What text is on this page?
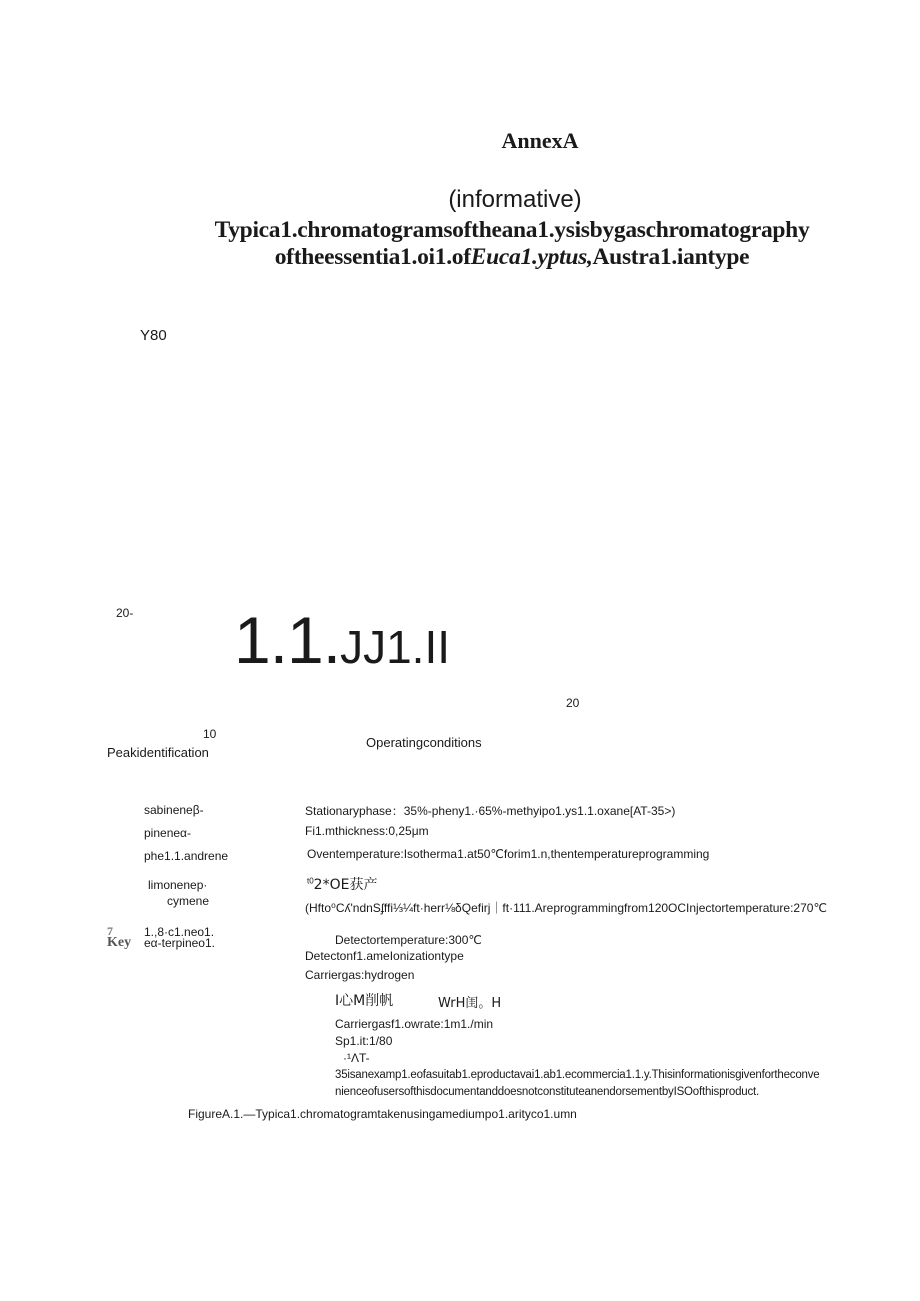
AnnexA
(informative)
Typica1.chromatogramsoftheana1.ysisbygaschromatography
oftheessentia1.oi1.ofEuca1.yptus,Austra1.iantype
Y80
20- 1.1.JJ1.II
20
10
Peakidentification
Operatingconditions
sabineneβ-
pineneα-
phe1.1.andrene
limonenep·
cymene
1.,8·c1.neo1.
eα-terpineo1.
7
Key
Stationaryphase：35%-pheny1.·65%-methyipo1.ys1.1.oxane[AT-35>)
Fi1.mthickness:0,25μm
Oventemperature:Isotherma1.at50℃forim1.n,thentemperatureprogramming
$^{t0}$2*OE获产
(Hfto⁰Cʎ'ndnSʄffi⅓¼ft·herr⅛δQefirj｜ft·111.Areprogrammingfrom120OCInjectortemperature:270℃
Detectortemperature:300℃
Detectonf1.ameIonizationtype
Carriergas:hydrogen
I心M削帆	WrH闺。H
Carriergasf1.owrate:1m1./min
Sp1.it:1/80
·¹ΛT-
35isanexamp1.eofasuitab1.eproductavai1.ab1.ecommercia1.1.y.Thisinformationisgivenfortheconve
nienceofusersofthisdocumentanddoesnotconstituteanendorsementbyISOofthisproduct.
FigureA.1.—Typica1.chromatogramtakenusingamediumpo1.arityco1.umn
